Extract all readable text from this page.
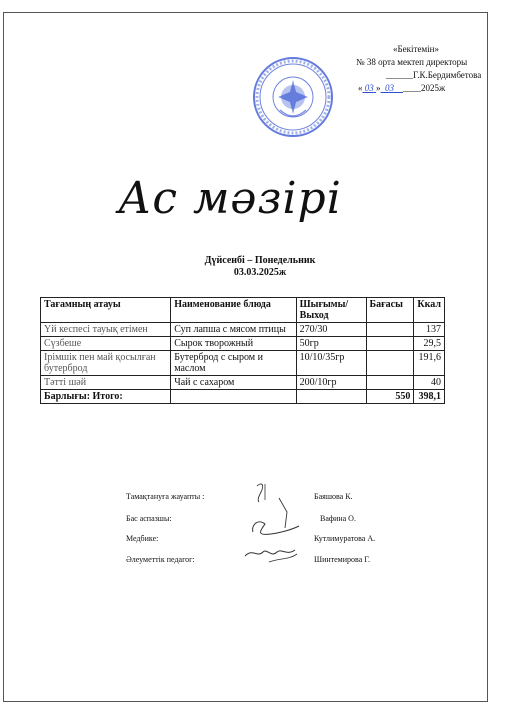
«Бекітемін»
№ 38 орта мектеп директоры
______Г.К.Бердимбетова
« 03 » 03 ____2025ж
Ас мәзірі
Дүйсенбі – Понедельник
03.03.2025ж
Тағамның атауы	Наименование блюда	Шығымы/ Выход	Бағасы	Ккал
Үй кеспесі тауық етімен	Суп лапша с мясом птицы	270/30		137
Сүзбеше	Сырок творожный	50гр		29,5
Ірімшік пен май қосылған бутерброд	Бутерброд с сыром и маслом	10/10/35гр		191,6
Тәтті шәй	Чай с сахаром	200/10гр		40
Барлығы: Итого:			550	398,1
Тамақтануға жауапты :	Баяшова К.
Бас аспазшы:	Вафина О.
Медбике:	Кутлимуратова А.
Әлеуметтік педагог:	Шинтемирова Г.
